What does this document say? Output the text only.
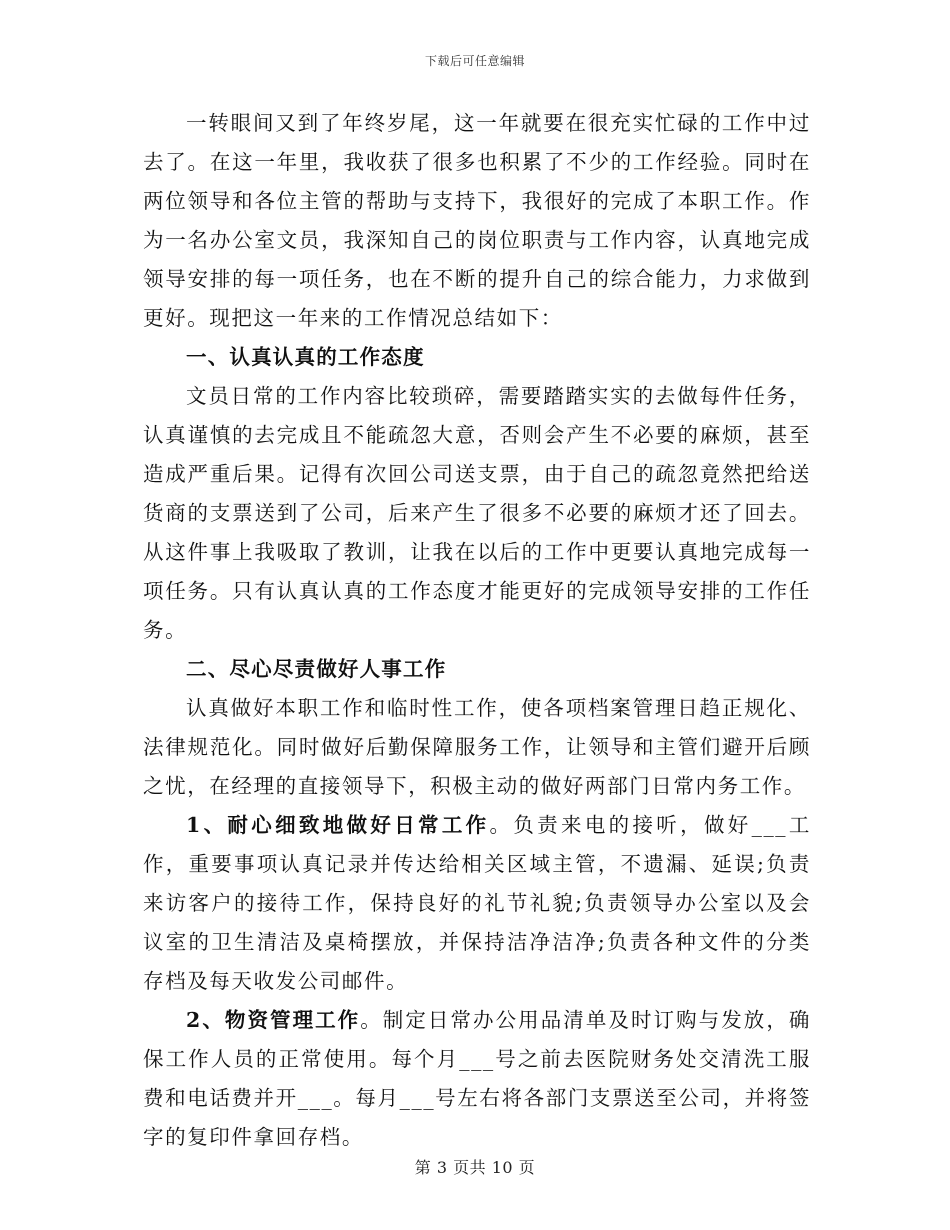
下载后可任意编辑

一转眼间又到了年终岁尾，这一年就要在很充实忙碌的工作中过去了。在这一年里，我收获了很多也积累了不少的工作经验。同时在两位领导和各位主管的帮助与支持下，我很好的完成了本职工作。作为一名办公室文员，我深知自己的岗位职责与工作内容，认真地完成领导安排的每一项任务，也在不断的提升自己的综合能力，力求做到更好。现把这一年来的工作情况总结如下：

一、认真认真的工作态度

文员日常的工作内容比较琐碎，需要踏踏实实的去做每件任务，认真谨慎的去完成且不能疏忽大意，否则会产生不必要的麻烦，甚至造成严重后果。记得有次回公司送支票，由于自己的疏忽竟然把给送货商的支票送到了公司，后来产生了很多不必要的麻烦才还了回去。从这件事上我吸取了教训，让我在以后的工作中更要认真地完成每一项任务。只有认真认真的工作态度才能更好的完成领导安排的工作任务。

二、尽心尽责做好人事工作

认真做好本职工作和临时性工作，使各项档案管理日趋正规化、法律规范化。同时做好后勤保障服务工作，让领导和主管们避开后顾之忧，在经理的直接领导下，积极主动的做好两部门日常内务工作。

1、耐心细致地做好日常工作。负责来电的接听，做好___工作，重要事项认真记录并传达给相关区域主管，不遗漏、延误;负责来访客户的接待工作，保持良好的礼节礼貌;负责领导办公室以及会议室的卫生清洁及桌椅摆放，并保持洁净洁净;负责各种文件的分类存档及每天收发公司邮件。

2、物资管理工作。制定日常办公用品清单及时订购与发放，确保工作人员的正常使用。每个月___号之前去医院财务处交清洗工服费和电话费并开___。每月___号左右将各部门支票送至公司，并将签字的复印件拿回存档。

第 3 页共 10 页
